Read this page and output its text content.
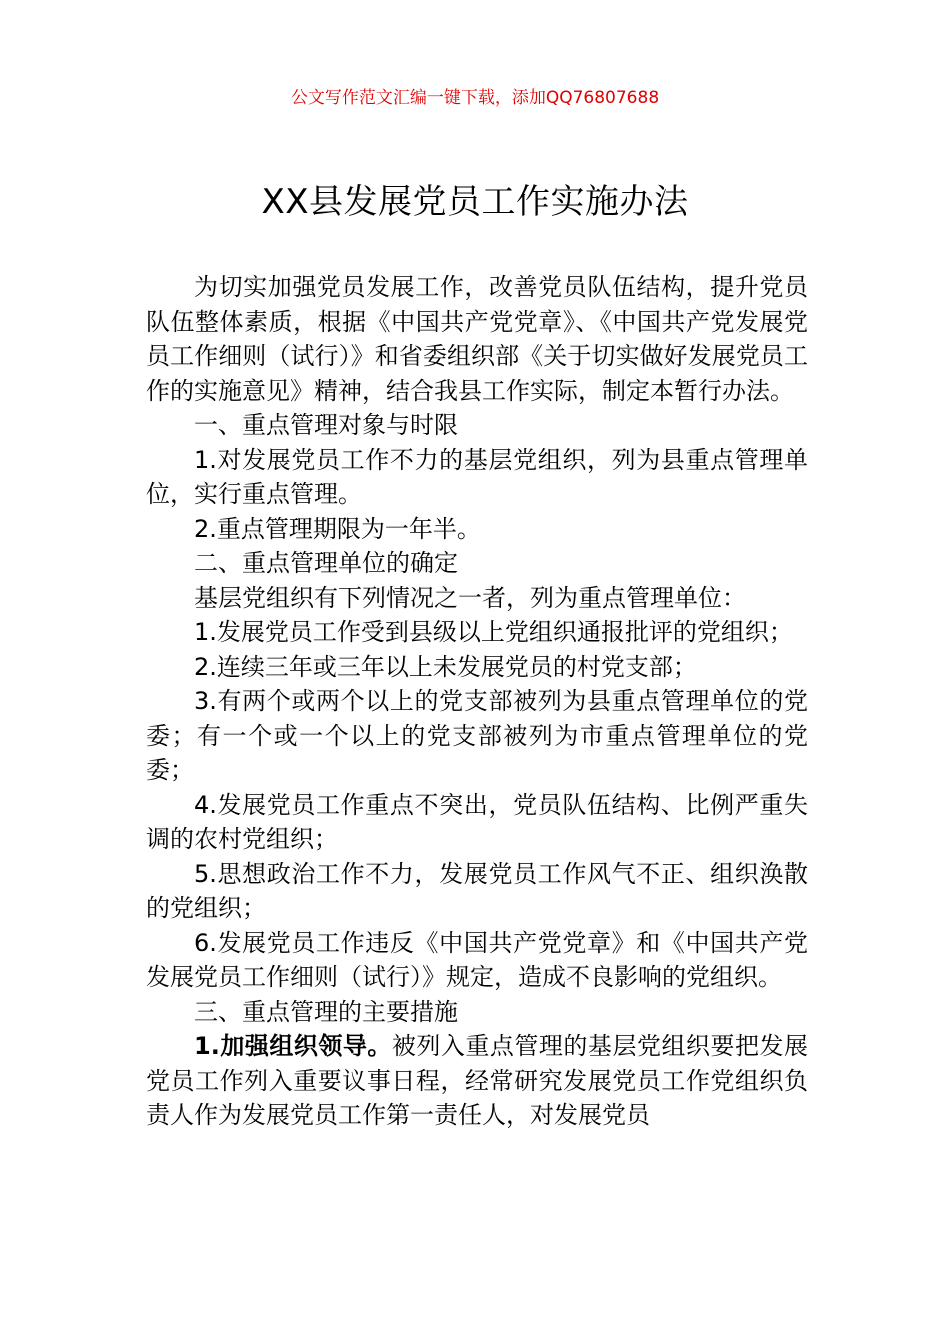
公文写作范文汇编一键下载，添加QQ76807688
XX县发展党员工作实施办法

为切实加强党员发展工作，改善党员队伍结构，提升党员队伍整体素质，根据《中国共产党党章》、《中国共产党发展党员工作细则（试行）》和省委组织部《关于切实做好发展党员工作的实施意见》精神，结合我县工作实际，制定本暂行办法。

一、重点管理对象与时限

1.对发展党员工作不力的基层党组织，列为县重点管理单位，实行重点管理。

2.重点管理期限为一年半。

二、重点管理单位的确定

基层党组织有下列情况之一者，列为重点管理单位：

1.发展党员工作受到县级以上党组织通报批评的党组织；

2.连续三年或三年以上未发展党员的村党支部；

3.有两个或两个以上的党支部被列为县重点管理单位的党委；有一个或一个以上的党支部被列为市重点管理单位的党委；

4.发展党员工作重点不突出，党员队伍结构、比例严重失调的农村党组织；

5.思想政治工作不力，发展党员工作风气不正、组织涣散的党组织；

6.发展党员工作违反《中国共产党党章》和《中国共产党发展党员工作细则（试行）》规定，造成不良影响的党组织。

三、重点管理的主要措施

1.加强组织领导。被列入重点管理的基层党组织要把发展党员工作列入重要议事日程，经常研究发展党员工作党组织负责人作为发展党员工作第一责任人，对发展党员
